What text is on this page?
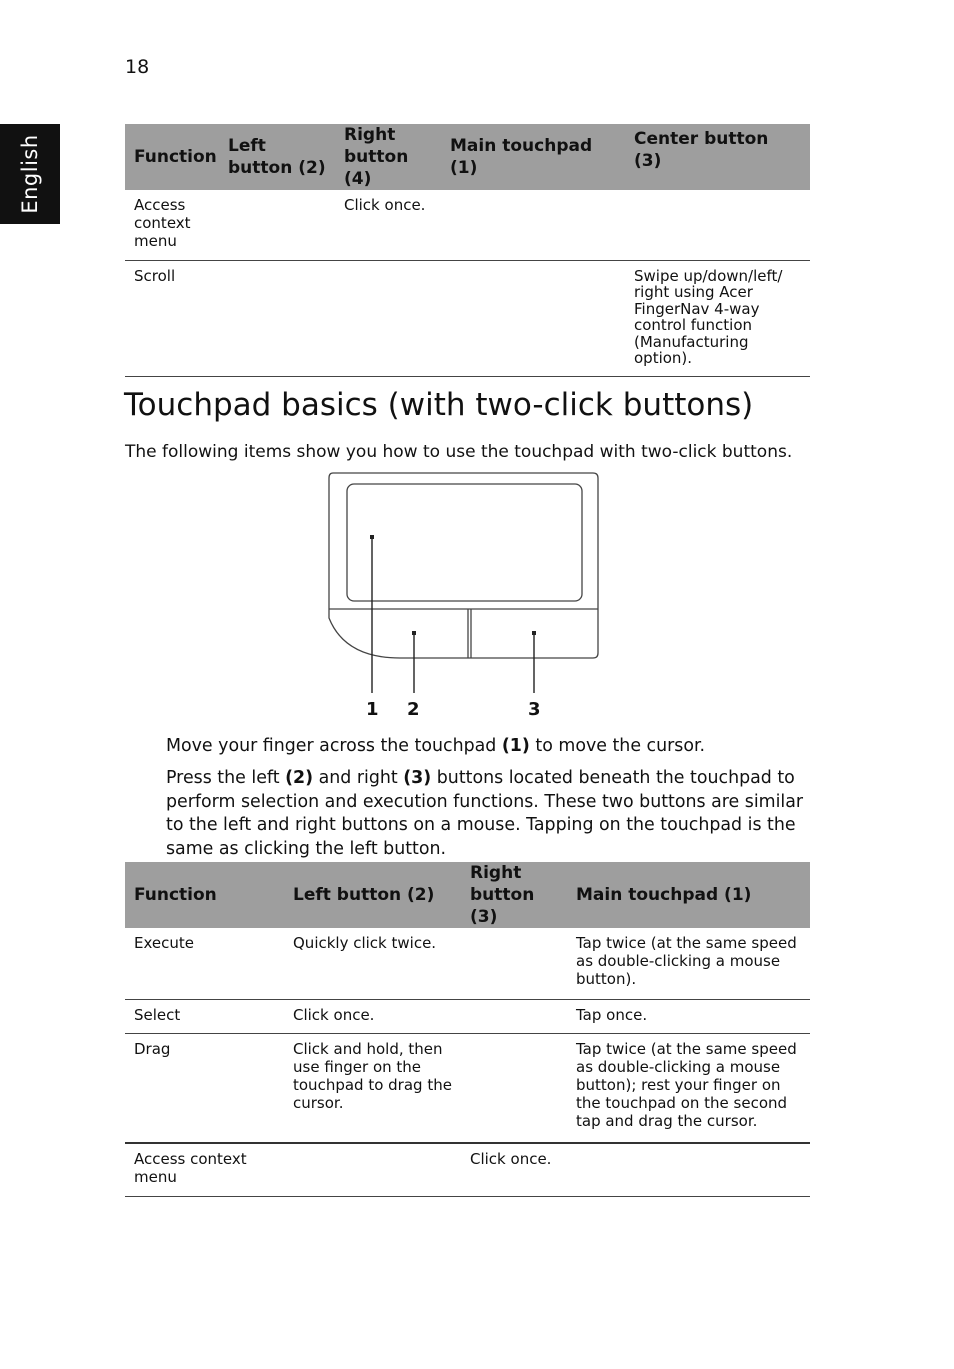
18
English	Function	Left button (2)	Right button (4)	Main touchpad (1)	Center button (3)
Access context menu		Click once.		
Scroll				Swipe up/down/left/ right using Acer FingerNav 4-way control function (Manufacturing option).
Touchpad basics (with two-click buttons)
The following items show you how to use the touchpad with two-click buttons.
1 2	3

Move your finger across the touchpad (1) to move the cursor.

Press the left (2) and right (3) buttons located beneath the touchpad to perform selection and execution functions. These two buttons are similar to the left and right buttons on a mouse. Tapping on the touchpad is the same as clicking the left button.

Function	Left button (2)	Right button (3)	Main touchpad (1)
Execute	Quickly click twice.		Tap twice (at the same speed as double-clicking a mouse button).
Select	Click once.		Tap once.
Drag	Click and hold, then use finger on the touchpad to drag the cursor.		Tap twice (at the same speed as double-clicking a mouse button); rest your finger on the touchpad on the second tap and drag the cursor.
Access context menu		Click once.	
